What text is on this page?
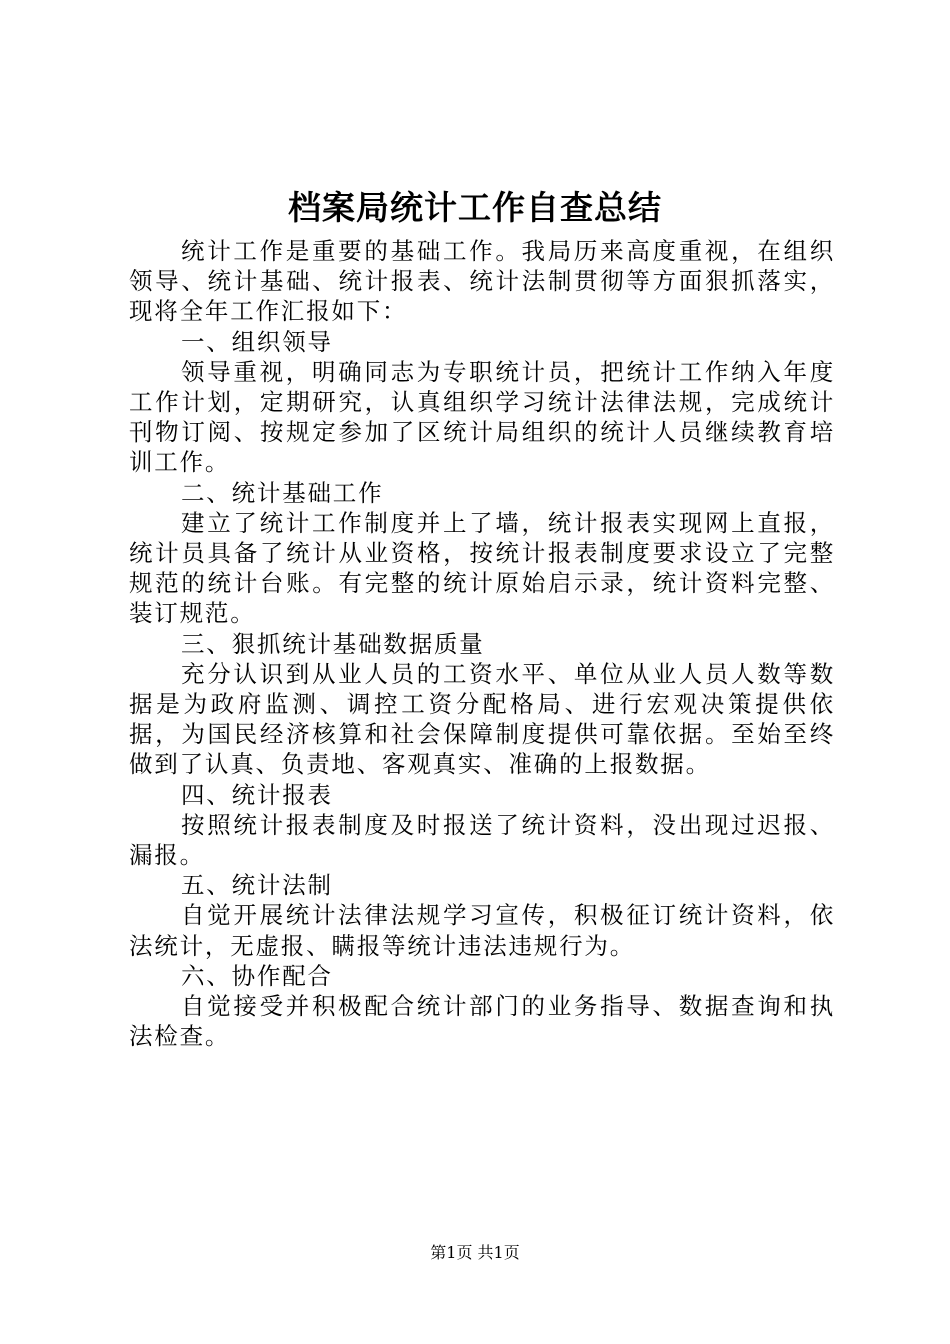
档案局统计工作自查总结

统计工作是重要的基础工作。我局历来高度重视，在组织领导、统计基础、统计报表、统计法制贯彻等方面狠抓落实，现将全年工作汇报如下：

一、组织领导

领导重视，明确同志为专职统计员，把统计工作纳入年度工作计划，定期研究，认真组织学习统计法律法规，完成统计刊物订阅、按规定参加了区统计局组织的统计人员继续教育培训工作。

二、统计基础工作

建立了统计工作制度并上了墙，统计报表实现网上直报，统计员具备了统计从业资格，按统计报表制度要求设立了完整规范的统计台账。有完整的统计原始启示录，统计资料完整、装订规范。

三、狠抓统计基础数据质量

充分认识到从业人员的工资水平、单位从业人员人数等数据是为政府监测、调控工资分配格局、进行宏观决策提供依据，为国民经济核算和社会保障制度提供可靠依据。至始至终做到了认真、负责地、客观真实、准确的上报数据。

四、统计报表

按照统计报表制度及时报送了统计资料，没出现过迟报、漏报。

五、统计法制

自觉开展统计法律法规学习宣传，积极征订统计资料，依法统计，无虚报、瞒报等统计违法违规行为。

六、协作配合

自觉接受并积极配合统计部门的业务指导、数据查询和执法检查。

第1页 共1页
